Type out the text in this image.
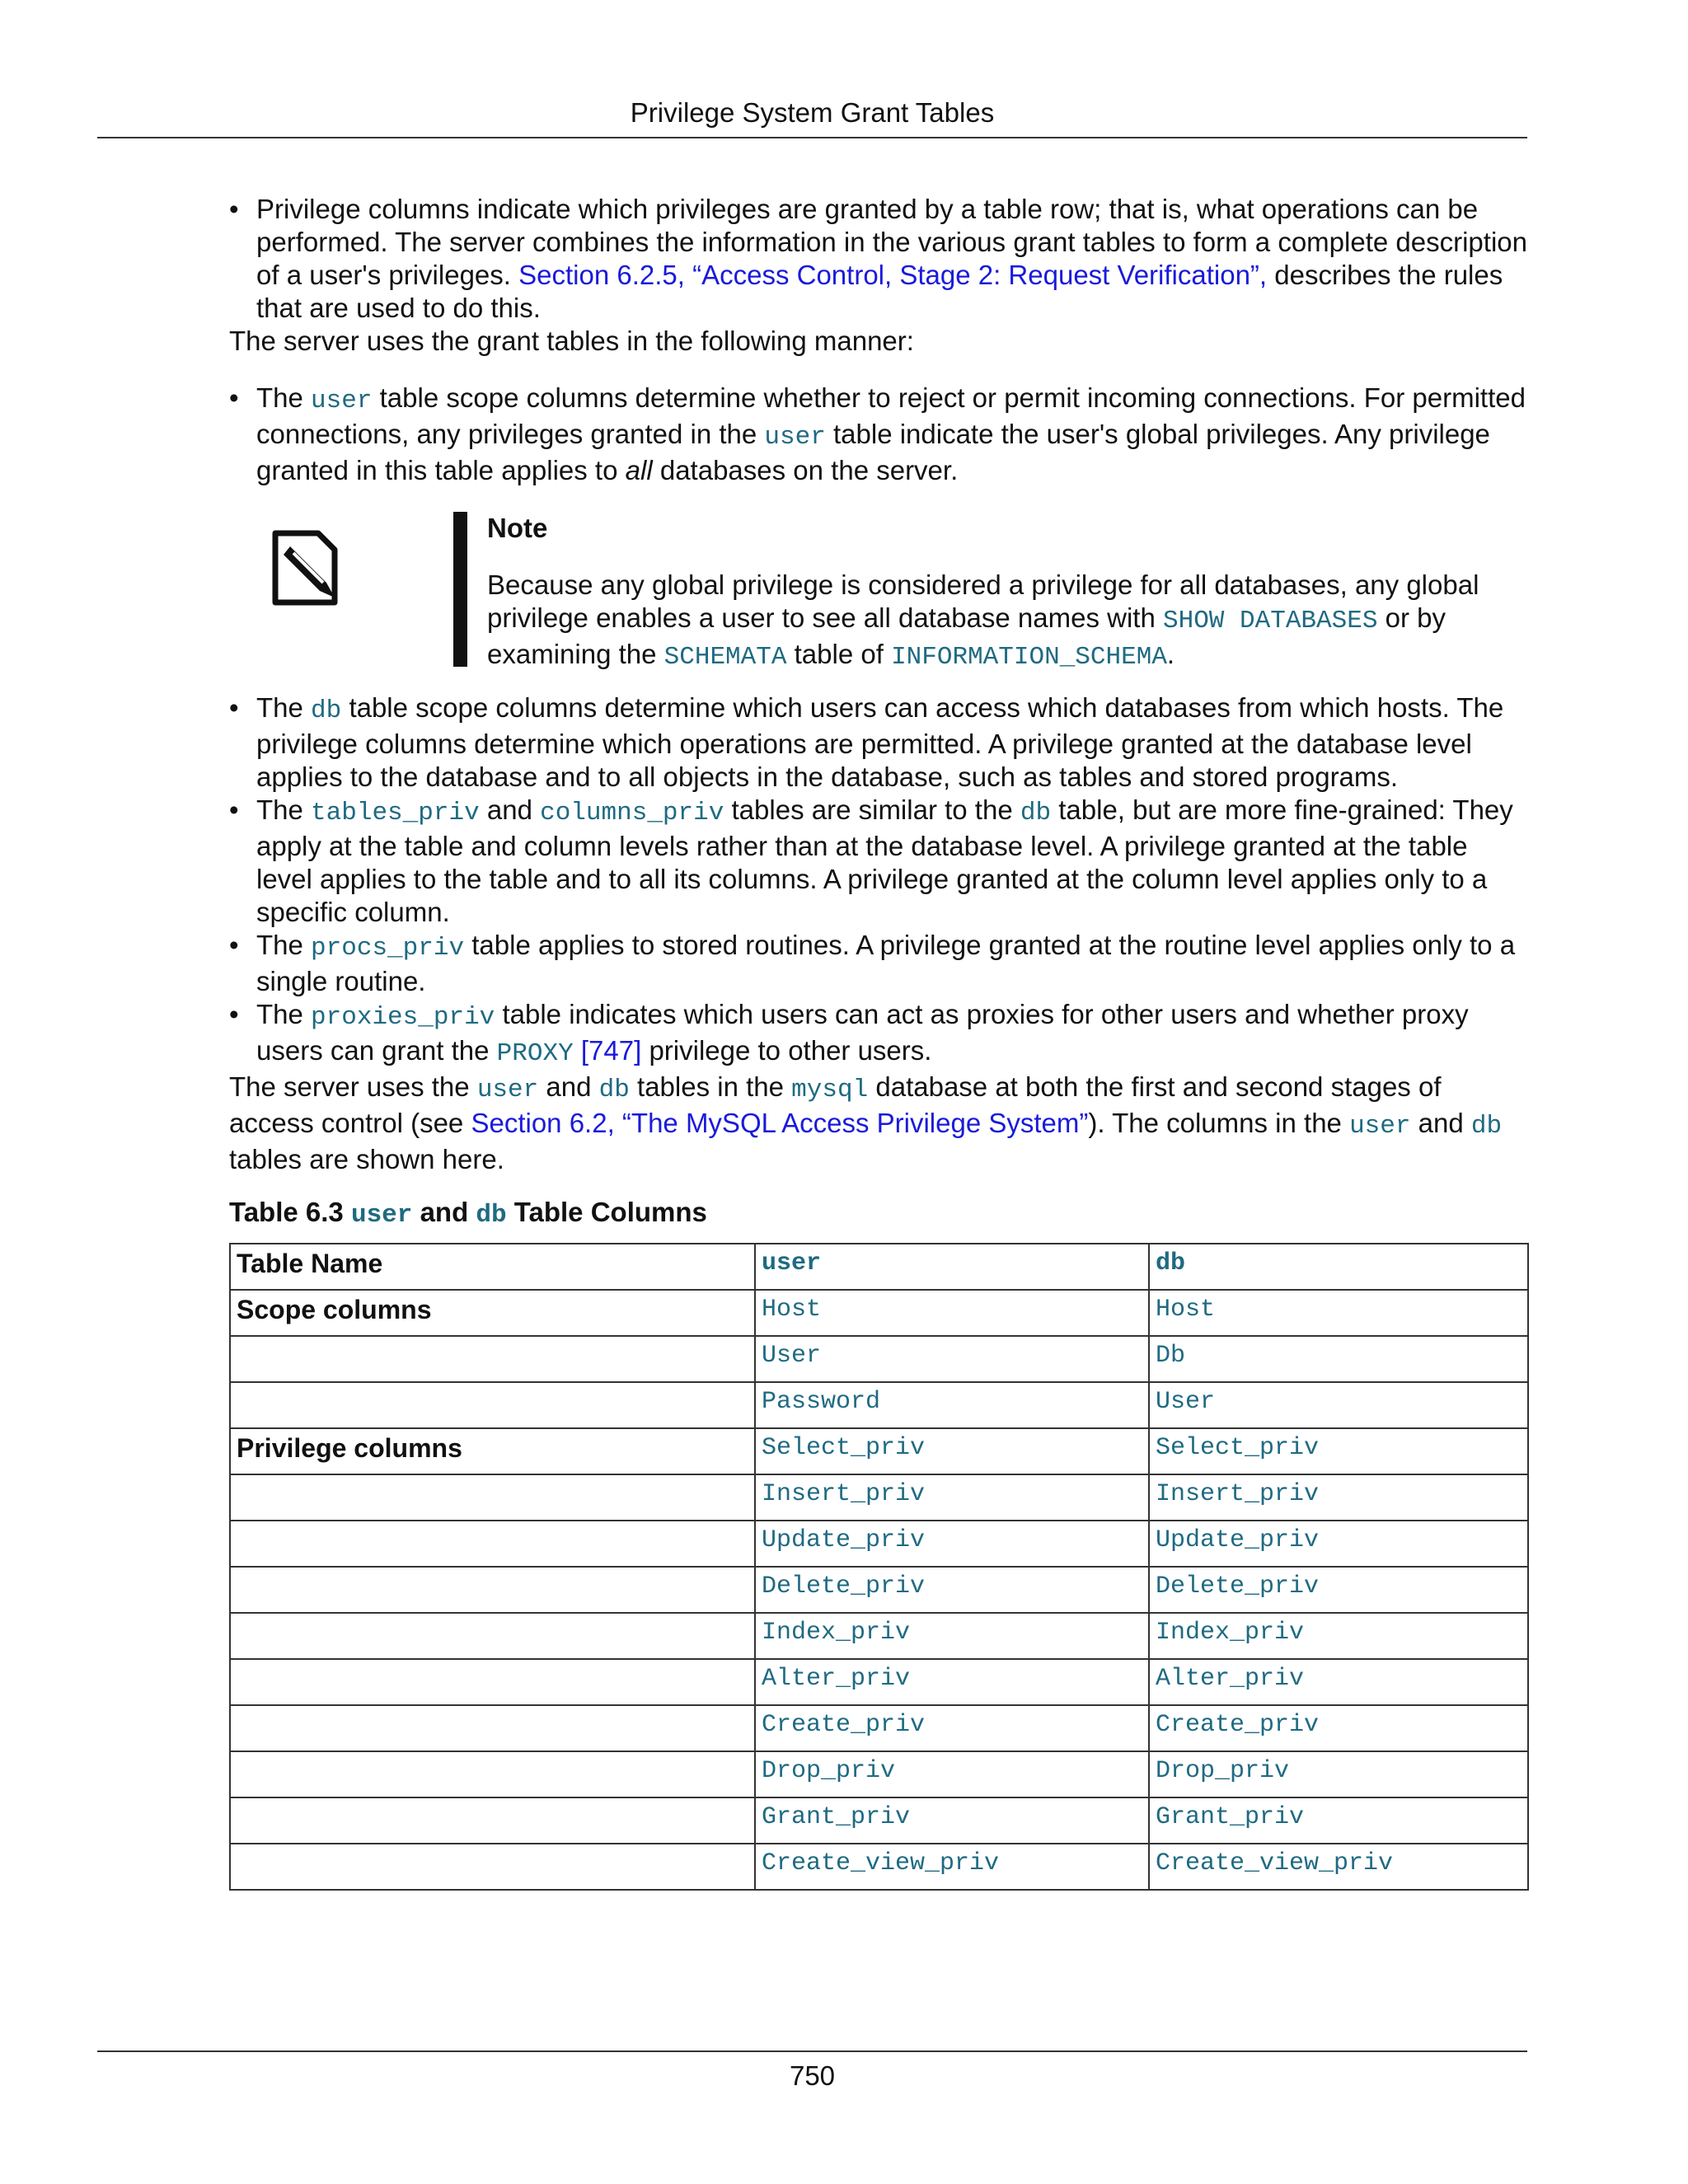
Privilege System Grant Tables
• Privilege columns indicate which privileges are granted by a table row; that is, what operations can be performed. The server combines the information in the various grant tables to form a complete description of a user's privileges. Section 6.2.5, “Access Control, Stage 2: Request Verification”, describes the rules that are used to do this.

The server uses the grant tables in the following manner:

• The user table scope columns determine whether to reject or permit incoming connections. For permitted connections, any privileges granted in the user table indicate the user's global privileges. Any privilege granted in this table applies to all databases on the server.
Note

Because any global privilege is considered a privilege for all databases, any global privilege enables a user to see all database names with SHOW DATABASES or by examining the SCHEMATA table of INFORMATION_SCHEMA.

• The db table scope columns determine which users can access which databases from which hosts. The privilege columns determine which operations are permitted. A privilege granted at the database level applies to the database and to all objects in the database, such as tables and stored programs.
• The tables_priv and columns_priv tables are similar to the db table, but are more fine-grained: They apply at the table and column levels rather than at the database level. A privilege granted at the table level applies to the table and to all its columns. A privilege granted at the column level applies only to a specific column.
• The procs_priv table applies to stored routines. A privilege granted at the routine level applies only to a single routine.
• The proxies_priv table indicates which users can act as proxies for other users and whether proxy users can grant the PROXY [747] privilege to other users.

The server uses the user and db tables in the mysql database at both the first and second stages of access control (see Section 6.2, “The MySQL Access Privilege System”). The columns in the user and db tables are shown here.

Table 6.3 user and db Table Columns
Table Name	user	db
Scope columns	Host	Host
	User	Db
	Password	User
Privilege columns	Select_priv	Select_priv
	Insert_priv	Insert_priv
	Update_priv	Update_priv
	Delete_priv	Delete_priv
	Index_priv	Index_priv
	Alter_priv	Alter_priv
	Create_priv	Create_priv
	Drop_priv	Drop_priv
	Grant_priv	Grant_priv
	Create_view_priv	Create_view_priv
750
